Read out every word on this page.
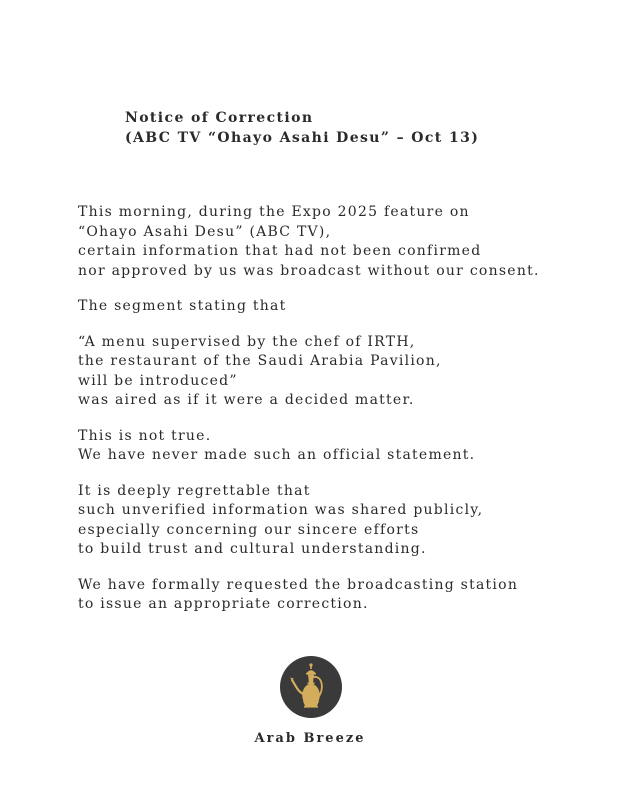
Notice of Correction
(ABC TV “Ohayo Asahi Desu” – Oct 13)
This morning, during the Expo 2025 feature on
“Ohayo Asahi Desu” (ABC TV),
certain information that had not been confirmed
nor approved by us was broadcast without our consent.
The segment stating that
“A menu supervised by the chef of IRTH,
the restaurant of the Saudi Arabia Pavilion,
will be introduced”
was aired as if it were a decided matter.
This is not true.
We have never made such an official statement.
It is deeply regrettable that
such unverified information was shared publicly,
especially concerning our sincere efforts
to build trust and cultural understanding.
We have formally requested the broadcasting station
to issue an appropriate correction.
Arab Breeze
